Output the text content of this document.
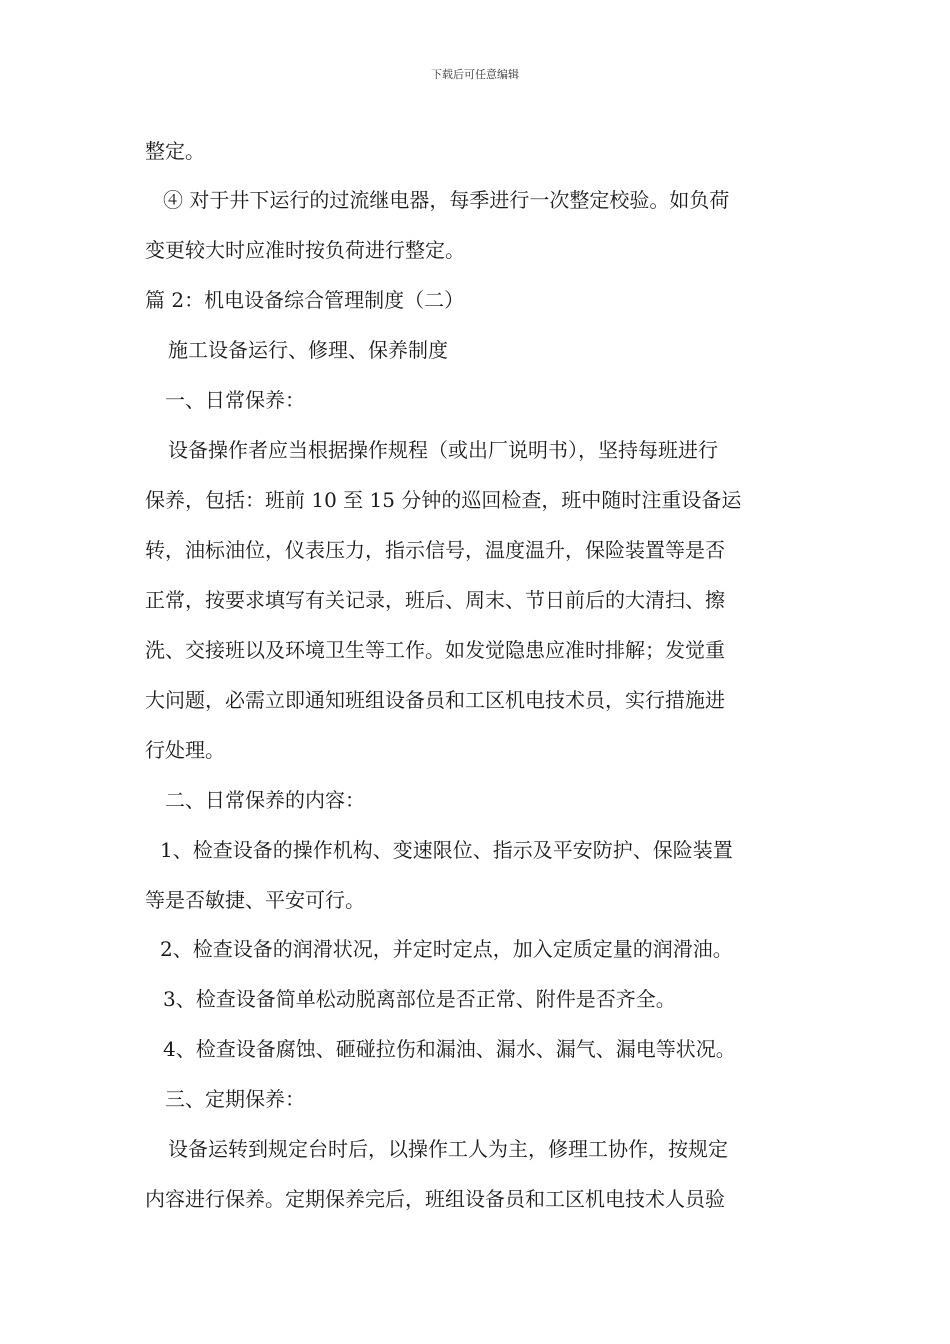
下载后可任意编辑
整定。
④ 对于井下运行的过流继电器，每季进行一次整定校验。如负荷
变更较大时应准时按负荷进行整定。
篇 2：机电设备综合管理制度（二）
施工设备运行、修理、保养制度
一、日常保养：
设备操作者应当根据操作规程（或出厂说明书），坚持每班进行
保养，包括：班前 10 至 15 分钟的巡回检查，班中随时注重设备运
转，油标油位，仪表压力，指示信号，温度温升，保险装置等是否
正常，按要求填写有关记录，班后、周末、节日前后的大清扫、擦
洗、交接班以及环境卫生等工作。如发觉隐患应准时排解；发觉重
大问题，必需立即通知班组设备员和工区机电技术员，实行措施进
行处理。
二、日常保养的内容：
1、检查设备的操作机构、变速限位、指示及平安防护、保险装置
等是否敏捷、平安可行。
2、检查设备的润滑状况，并定时定点，加入定质定量的润滑油。
3、检查设备简单松动脱离部位是否正常、附件是否齐全。
4、检查设备腐蚀、砸碰拉伤和漏油、漏水、漏气、漏电等状况。
三、定期保养：
设备运转到规定台时后，以操作工人为主，修理工协作，按规定
内容进行保养。定期保养完后，班组设备员和工区机电技术人员验
